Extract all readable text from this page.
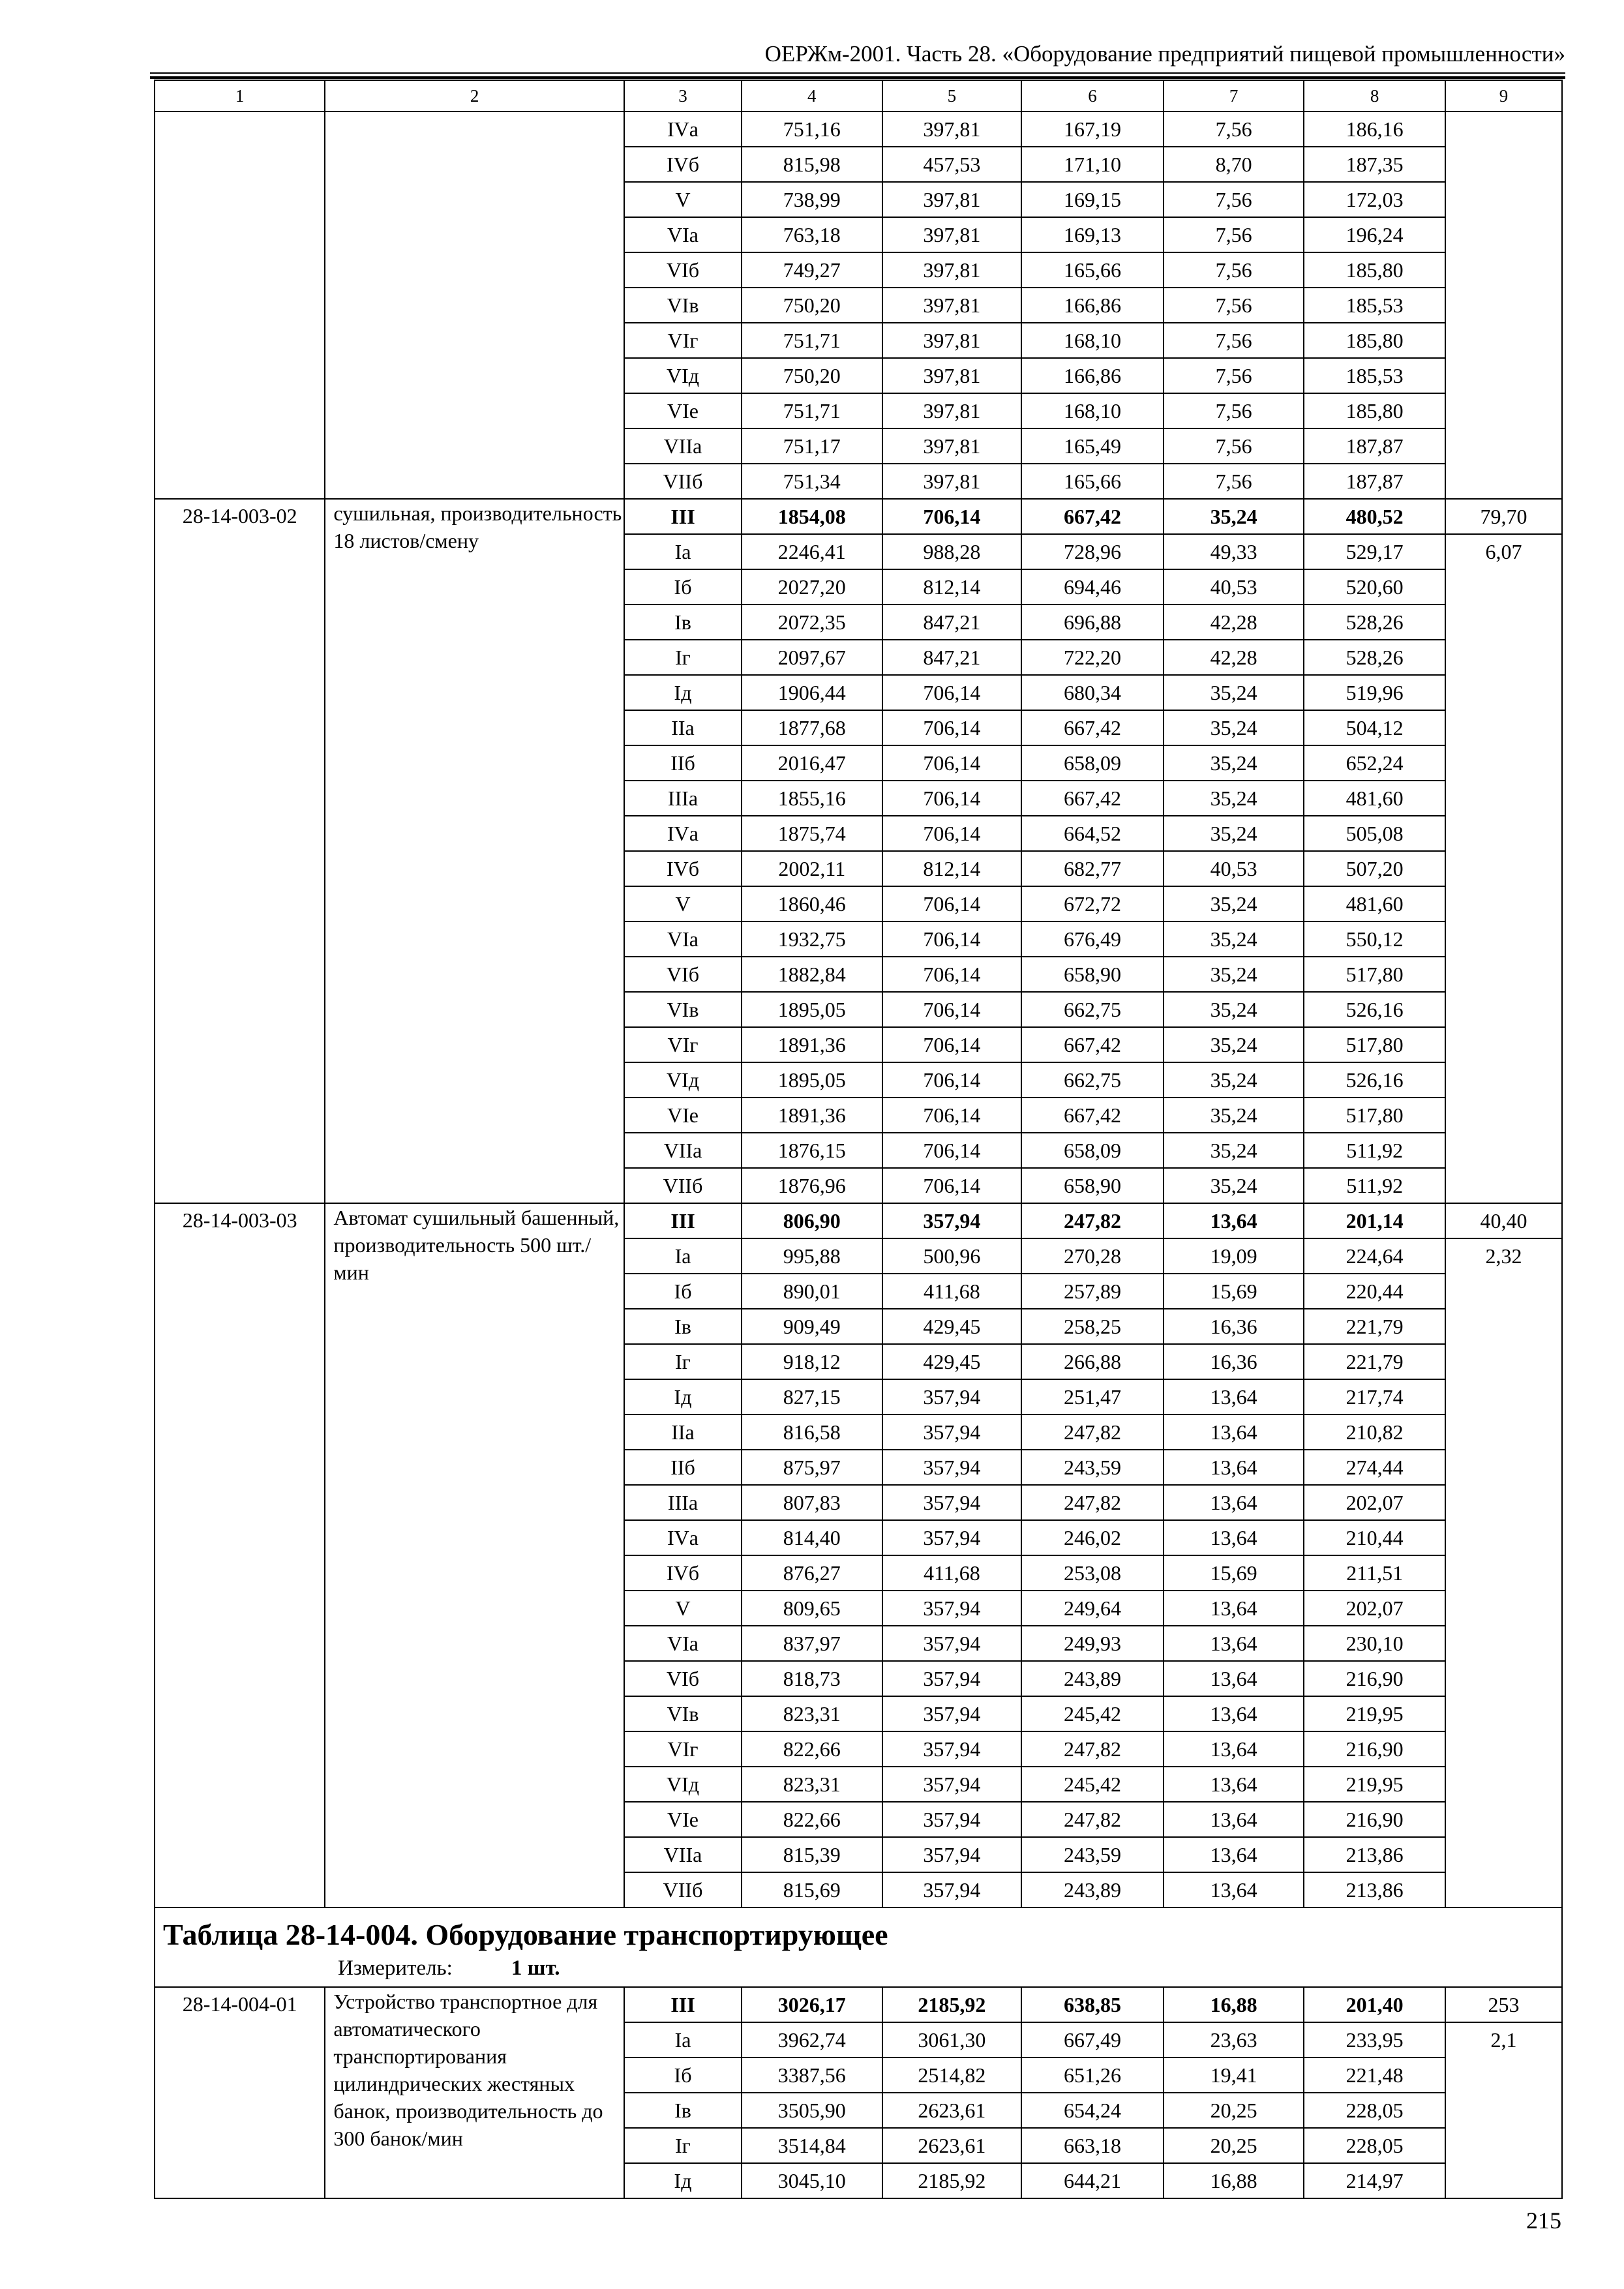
ОЕРЖм-2001. Часть 28. «Оборудование предприятий пищевой промышленности»
1	2	3	4	5	6	7	8	9
		IVа	751,16	397,81	167,19	7,56	186,16	
		IVб	815,98	457,53	171,10	8,70	187,35	
		V	738,99	397,81	169,15	7,56	172,03	
		VIа	763,18	397,81	169,13	7,56	196,24	
		VIб	749,27	397,81	165,66	7,56	185,80	
		VIв	750,20	397,81	166,86	7,56	185,53	
		VIг	751,71	397,81	168,10	7,56	185,80	
		VIд	750,20	397,81	166,86	7,56	185,53	
		VIе	751,71	397,81	168,10	7,56	185,80	
		VIIа	751,17	397,81	165,49	7,56	187,87	
		VIIб	751,34	397,81	165,66	7,56	187,87	
28-14-003-02	сушильная, производительность 18 листов/смену	III	1854,08	706,14	667,42	35,24	480,52	79,70
		Iа	2246,41	988,28	728,96	49,33	529,17	6,07
		Iб	2027,20	812,14	694,46	40,53	520,60	
		Iв	2072,35	847,21	696,88	42,28	528,26	
		Iг	2097,67	847,21	722,20	42,28	528,26	
		Iд	1906,44	706,14	680,34	35,24	519,96	
		IIа	1877,68	706,14	667,42	35,24	504,12	
		IIб	2016,47	706,14	658,09	35,24	652,24	
		IIIа	1855,16	706,14	667,42	35,24	481,60	
		IVа	1875,74	706,14	664,52	35,24	505,08	
		IVб	2002,11	812,14	682,77	40,53	507,20	
		V	1860,46	706,14	672,72	35,24	481,60	
		VIа	1932,75	706,14	676,49	35,24	550,12	
		VIб	1882,84	706,14	658,90	35,24	517,80	
		VIв	1895,05	706,14	662,75	35,24	526,16	
		VIг	1891,36	706,14	667,42	35,24	517,80	
		VIд	1895,05	706,14	662,75	35,24	526,16	
		VIе	1891,36	706,14	667,42	35,24	517,80	
		VIIа	1876,15	706,14	658,09	35,24	511,92	
		VIIб	1876,96	706,14	658,90	35,24	511,92	
28-14-003-03	Автомат сушильный башенный, производительность 500 шт./мин	III	806,90	357,94	247,82	13,64	201,14	40,40
		Iа	995,88	500,96	270,28	19,09	224,64	2,32
		Iб	890,01	411,68	257,89	15,69	220,44	
		Iв	909,49	429,45	258,25	16,36	221,79	
		Iг	918,12	429,45	266,88	16,36	221,79	
		Iд	827,15	357,94	251,47	13,64	217,74	
		IIа	816,58	357,94	247,82	13,64	210,82	
		IIб	875,97	357,94	243,59	13,64	274,44	
		IIIа	807,83	357,94	247,82	13,64	202,07	
		IVа	814,40	357,94	246,02	13,64	210,44	
		IVб	876,27	411,68	253,08	15,69	211,51	
		V	809,65	357,94	249,64	13,64	202,07	
		VIа	837,97	357,94	249,93	13,64	230,10	
		VIб	818,73	357,94	243,89	13,64	216,90	
		VIв	823,31	357,94	245,42	13,64	219,95	
		VIг	822,66	357,94	247,82	13,64	216,90	
		VIд	823,31	357,94	245,42	13,64	219,95	
		VIе	822,66	357,94	247,82	13,64	216,90	
		VIIа	815,39	357,94	243,59	13,64	213,86	
		VIIб	815,69	357,94	243,89	13,64	213,86	

Таблица 28-14-004. Оборудование транспортирующее
Измеритель: 1 шт.								

28-14-004-01	Устройство транспортное для автоматического транспортирования цилиндрических жестяных банок, производительность до 300 банок/мин	III	3026,17	2185,92	638,85	16,88	201,40	253
		Iа	3962,74	3061,30	667,49	23,63	233,95	2,1
		Iб	3387,56	2514,82	651,26	19,41	221,48	
		Iв	3505,90	2623,61	654,24	20,25	228,05	
		Iг	3514,84	2623,61	663,18	20,25	228,05	
		Iд	3045,10	2185,92	644,21	16,88	214,97	
215
